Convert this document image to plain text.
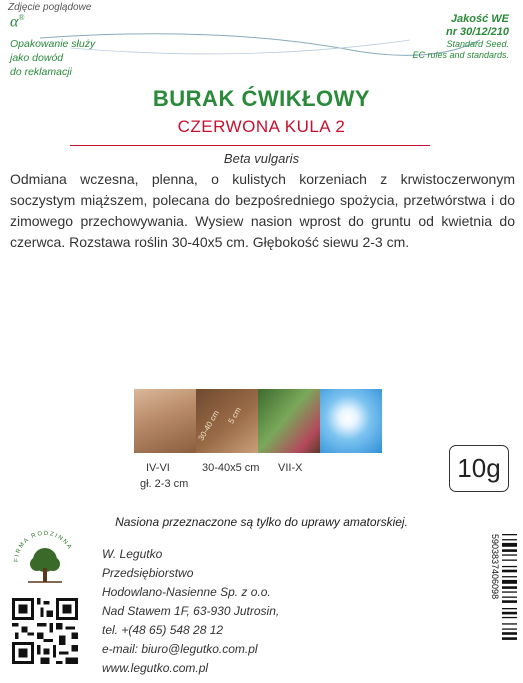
Zdjęcie poglądowe
α®
Opakowanie służy
jako dowód
do reklamacji
Jakość WE
nr 30/12/210
Standard Seed.
EC rules and standards.
BURAK ĆWIKŁOWY
CZERWONA KULA 2
Beta vulgaris
Odmiana wczesna, plenna, o kulistych korzeniach z krwistoczerwonym soczystym miąższem, polecana do bezpośredniego spożycia, przetwórstwa i do zimowego przechowywania. Wysiew nasion wprost do gruntu od kwietnia do czerwca. Rozstawa roślin 30-40x5 cm. Głębokość siewu 2-3 cm.
30-40 cm 5 cm
IV-VI
gł. 2-3 cm
30-40x5 cm VII-X	10g
Nasiona przeznaczone są tylko do uprawy amatorskiej.
FIRMA RODZINNA W. Legutko
Przedsiębiorstwo
Hodowlano-Nasienne Sp. z o.o.
Nad Stawem 1F, 63-930 Jutrosin,
tel. +(48 65) 548 28 12
e-mail: biuro@legutko.com.pl
www.legutko.com.pl
5903837406098
